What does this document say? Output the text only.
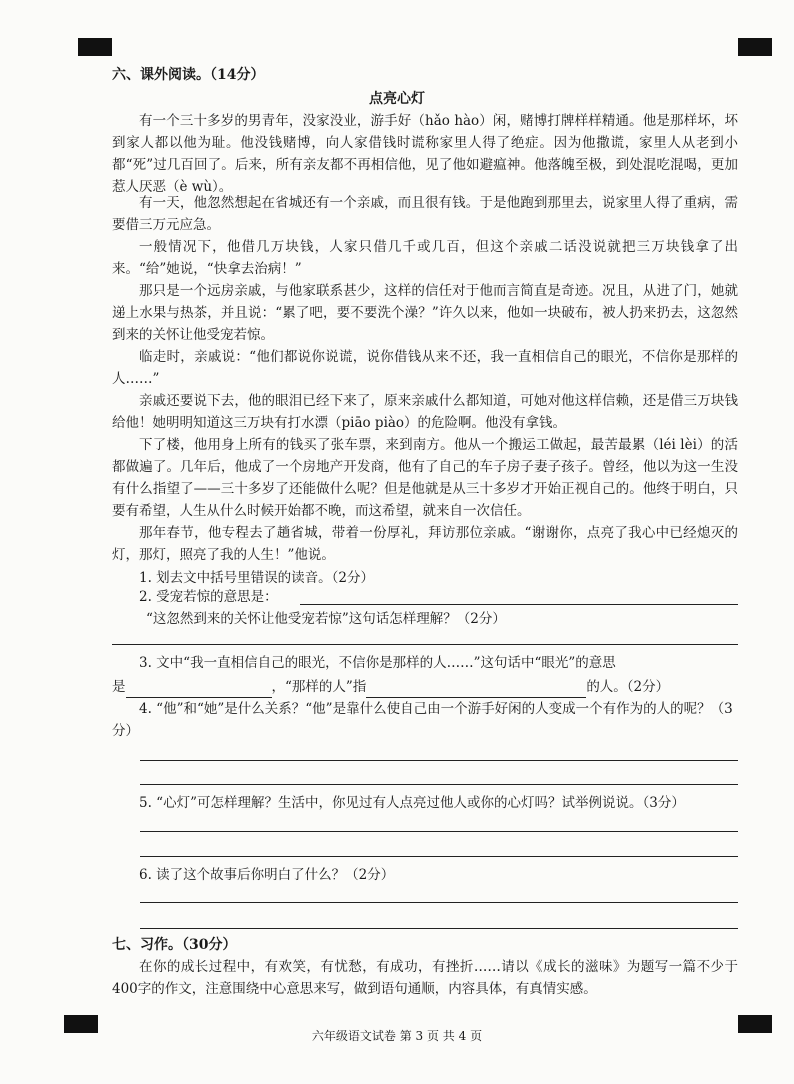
六、课外阅读。（14分）
点亮心灯
有一个三十多岁的男青年，没家没业，游手好（hǎo hào）闲，赌博打牌样样精通。他是那样坏，坏到家人都以他为耻。他没钱赌博，向人家借钱时谎称家里人得了绝症。因为他撒谎，家里人从老到小都“死”过几百回了。后来，所有亲友都不再相信他，见了他如避瘟神。他落魄至极，到处混吃混喝，更加惹人厌恶（è wù）。
有一天，他忽然想起在省城还有一个亲戚，而且很有钱。于是他跑到那里去，说家里人得了重病，需要借三万元应急。
一般情况下，他借几万块钱，人家只借几千或几百，但这个亲戚二话没说就把三万块钱拿了出来。“给”她说，“快拿去治病！”
那只是一个远房亲戚，与他家联系甚少，这样的信任对于他而言简直是奇迹。况且，从进了门，她就递上水果与热茶，并且说：“累了吧，要不要洗个澡？”许久以来，他如一块破布，被人扔来扔去，这忽然到来的关怀让他受宠若惊。
临走时，亲戚说：“他们都说你说谎，说你借钱从来不还，我一直相信自己的眼光，不信你是那样的人……”
亲戚还要说下去，他的眼泪已经下来了，原来亲戚什么都知道，可她对他这样信赖，还是借三万块钱给他！她明明知道这三万块有打水漂（piāo piào）的危险啊。他没有拿钱。
下了楼，他用身上所有的钱买了张车票，来到南方。他从一个搬运工做起，最苦最累（léi lèi）的活都做遍了。几年后，他成了一个房地产开发商，他有了自己的车子房子妻子孩子。曾经，他以为这一生没有什么指望了——三十多岁了还能做什么呢？但是他就是从三十多岁才开始正视自己的。他终于明白，只要有希望，人生从什么时候开始都不晚，而这希望，就来自一次信任。
那年春节，他专程去了趟省城，带着一份厚礼，拜访那位亲戚。“谢谢你，点亮了我心中已经熄灭的灯，那灯，照亮了我的人生！”他说。
1. 划去文中括号里错误的读音。（2分）
2. 受宠若惊的意思是：
“这忽然到来的关怀让他受宠若惊”这句话怎样理解？（2分）
3. 文中“我一直相信自己的眼光，不信你是那样的人……”这句话中“眼光”的意思
是	，“那样的人”指	的人。（2分）
4. “他”和“她”是什么关系？“他”是靠什么使自己由一个游手好闲的人变成一个有作为的人的呢？（3分）
5. “心灯”可怎样理解？生活中，你见过有人点亮过他人或你的心灯吗？试举例说说。（3分）
6. 读了这个故事后你明白了什么？（2分）
七、习作。（30分）
在你的成长过程中，有欢笑，有忧愁，有成功，有挫折……请以《成长的滋味》为题写一篇不少于400字的作文，注意围绕中心意思来写，做到语句通顺，内容具体，有真情实感。
六年级语文试卷 第 3 页 共 4 页
